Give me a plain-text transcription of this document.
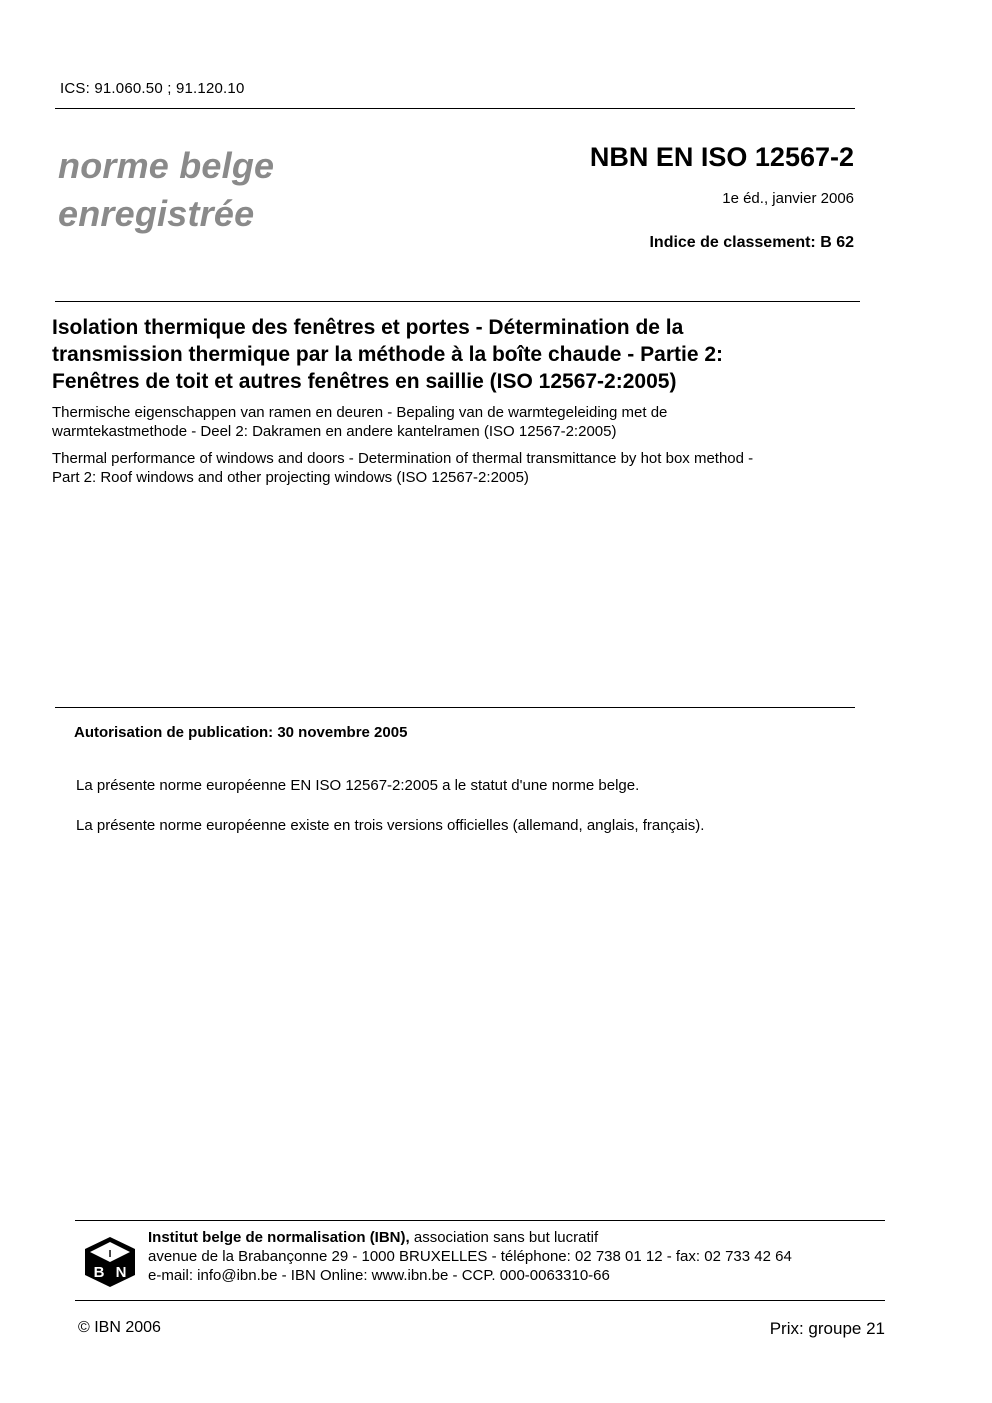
ICS: 91.060.50 ; 91.120.10
norme belge
enregistrée
NBN EN ISO 12567-2
1e éd., janvier 2006
Indice de classement: B 62
Isolation thermique des fenêtres et portes - Détermination de la
transmission thermique par la méthode à la boîte chaude - Partie 2:
Fenêtres de toit et autres fenêtres en saillie (ISO 12567-2:2005)
Thermische eigenschappen van ramen en deuren - Bepaling van de warmtegeleiding met de
warmtekastmethode - Deel 2: Dakramen en andere kantelramen (ISO 12567-2:2005)
Thermal performance of windows and doors - Determination of thermal transmittance by hot box method -
Part 2: Roof windows and other projecting windows (ISO 12567-2:2005)
Autorisation de publication: 30 novembre 2005
La présente norme européenne EN ISO 12567-2:2005 a le statut d'une norme belge.
La présente norme européenne existe en trois versions officielles (allemand, anglais, français).
I
B N
Institut belge de normalisation (IBN), association sans but lucratif
avenue de la Brabançonne 29 - 1000 BRUXELLES - téléphone: 02 738 01 12 - fax: 02 733 42 64
e-mail: info@ibn.be - IBN Online: www.ibn.be - CCP. 000-0063310-66
© IBN 2006	Prix: groupe 21
